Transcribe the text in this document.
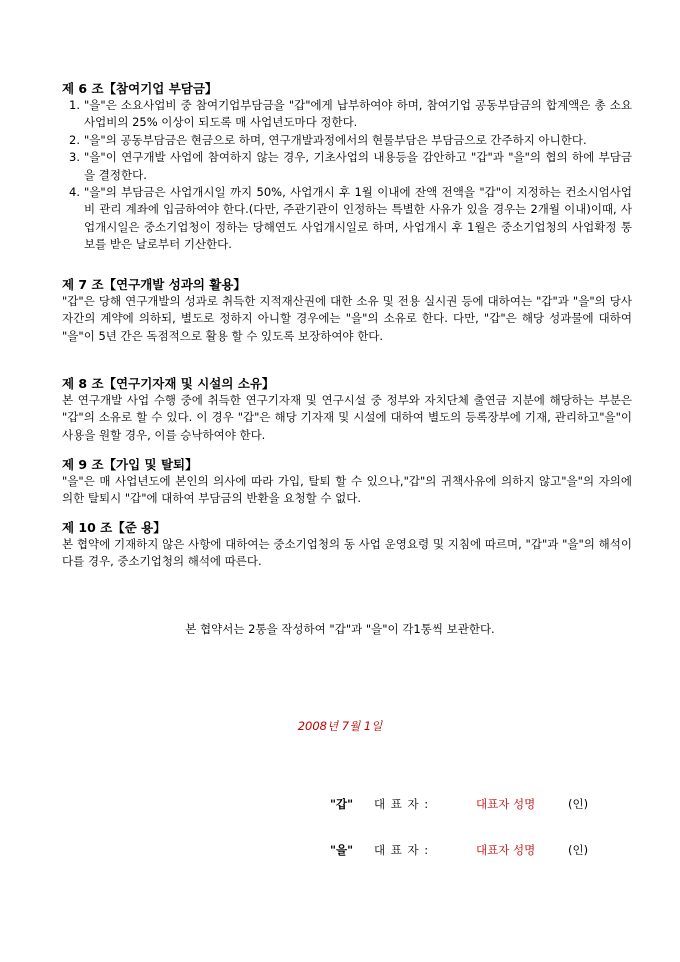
제 6 조【참여기업 부담금】
1. "을"은 소요사업비 중 참여기업부담금을 "갑"에게 납부하여야 하며, 참여기업 공동부담금의 합계액은 총 소요 사업비의 25% 이상이 되도록 매 사업년도마다 정한다.
2. "을"의 공동부담금은 현금으로 하며, 연구개발과정에서의 현물부담은 부담금으로 간주하지 아니한다.
3. "을"이 연구개발 사업에 참여하지 않는 경우, 기초사업의 내용등을 감안하고 "갑"과 "을"의 협의 하에 부담금을 결정한다.
4. "을"의 부담금은 사업개시일 까지 50%, 사업개시 후 1월 이내에 잔액 전액을 "갑"이 지정하는 컨소시엄사업비 관리 계좌에 입금하여야 한다.(다만, 주관기관이 인정하는 특별한 사유가 있을 경우는 2개월 이내)이때, 사업개시일은 중소기업청이 정하는 당해연도 사업개시일로 하며, 사업개시 후 1월은 중소기업청의 사업확정 통보를 받은 날로부터 기산한다.
제 7 조【연구개발 성과의 활용】
"갑"은 당해 연구개발의 성과로 취득한 지적재산권에 대한 소유 및 전용 실시권 등에 대하여는 "갑"과 "을"의 당사자간의 계약에 의하되, 별도로 정하지 아니할 경우에는 "을"의 소유로 한다. 다만, "갑"은 해당 성과물에 대하여 "을"이 5년 간은 독점적으로 활용 할 수 있도록 보장하여야 한다.
제 8 조【연구기자재 및 시설의 소유】
본 연구개발 사업 수행 중에 취득한 연구기자재 및 연구시설 중 정부와 자치단체 출연금 지분에 해당하는 부분은 "갑"의 소유로 할 수 있다. 이 경우 "갑"은 해당 기자재 및 시설에 대하여 별도의 등록장부에 기재, 관리하고"을"이 사용을 원할 경우, 이를 승낙하여야 한다.
제 9 조【가입 및 탈퇴】
"을"은 매 사업년도에 본인의 의사에 따라 가입, 탈퇴 할 수 있으나,"갑"의 귀책사유에 의하지 않고"을"의 자의에 의한 탈퇴시 "갑"에 대하여 부담금의 반환을 요청할 수 없다.
제 10 조【준 용】
본 협약에 기재하지 않은 사항에 대하여는 중소기업청의 동 사업 운영요령 및 지침에 따르며, "갑"과 "을"의 해석이 다를 경우, 중소기업청의 해석에 따른다.
본 협약서는 2통을 작성하여 "갑"과 "을"이 각1통씩 보관한다.
2008년 7월 1일
"갑" 대 표 자 :	대표자 성명	(인)
"을" 대 표 자 :	대표자 성명	(인)
